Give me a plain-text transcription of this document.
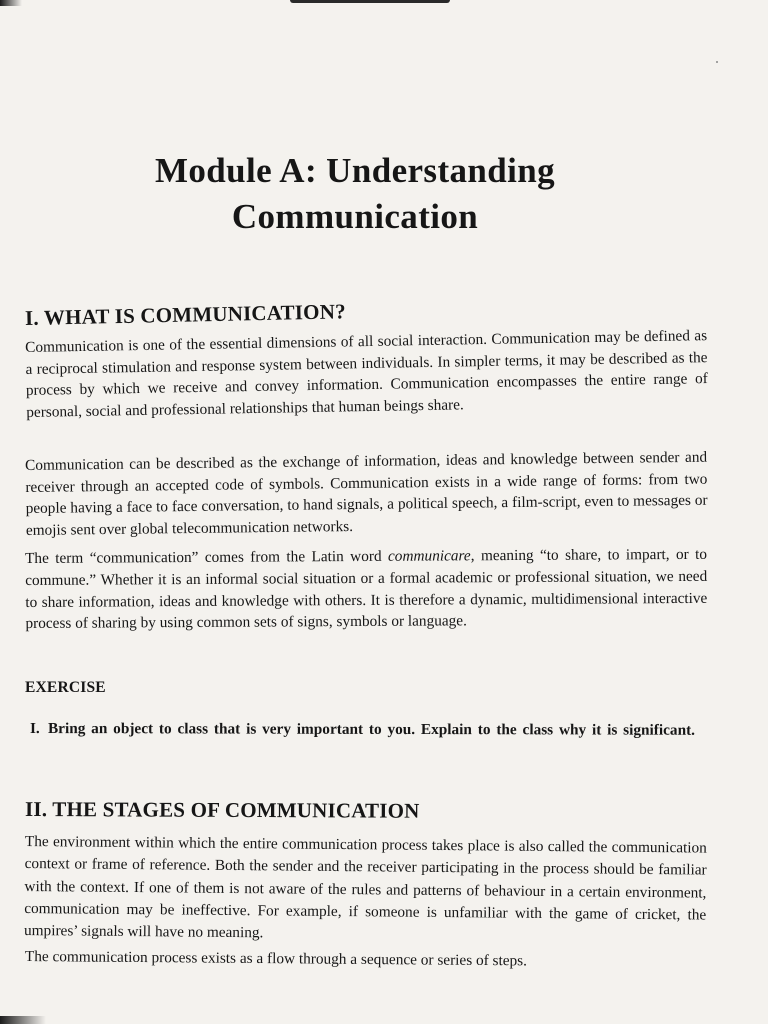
Module A: Understanding
Communication
I. WHAT IS COMMUNICATION?

Communication is one of the essential dimensions of all social interaction. Communication may be defined as a reciprocal stimulation and response system between individuals. In simpler terms, it may be described as the process by which we receive and convey information. Communication encompasses the entire range of personal, social and professional relationships that human beings share.

Communication can be described as the exchange of information, ideas and knowledge between sender and receiver through an accepted code of symbols. Communication exists in a wide range of forms: from two people having a face to face conversation, to hand signals, a political speech, a film-script, even to messages or emojis sent over global telecommunication networks.

The term “communication” comes from the Latin word communicare, meaning “to share, to impart, or to commune.” Whether it is an informal social situation or a formal academic or professional situation, we need to share information, ideas and knowledge with others. It is therefore a dynamic, multidimensional interactive process of sharing by using common sets of signs, symbols or language.

EXERCISE

I. Bring an object to class that is very important to you. Explain to the class why it is significant.
II. THE STAGES OF COMMUNICATION

The environment within which the entire communication process takes place is also called the communication context or frame of reference. Both the sender and the receiver participating in the process should be familiar with the context. If one of them is not aware of the rules and patterns of behaviour in a certain environment, communication may be ineffective. For example, if someone is unfamiliar with the game of cricket, the umpires’ signals will have no meaning.

The communication process exists as a flow through a sequence or series of steps.
